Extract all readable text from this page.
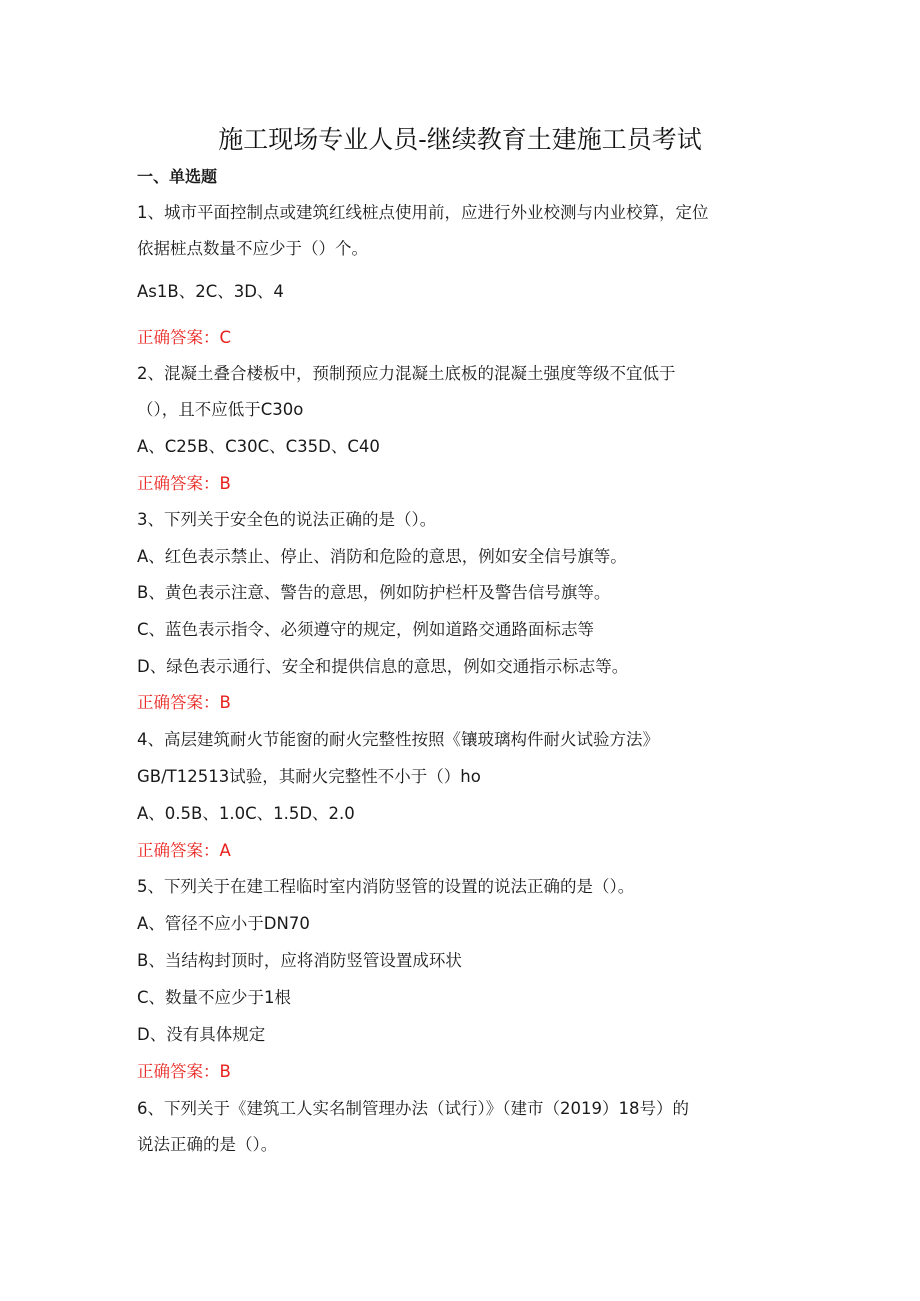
施工现场专业人员-继续教育土建施工员考试
一、单选题
1、城市平面控制点或建筑红线桩点使用前，应进行外业校测与内业校算，定位
依据桩点数量不应少于（）个。
As1B、2C、3D、4
正确答案：C
2、混凝土叠合楼板中，预制预应力混凝土底板的混凝土强度等级不宜低于
（），且不应低于C30o
A、C25B、C30C、C35D、C40
正确答案：B
3、下列关于安全色的说法正确的是（）。
A、红色表示禁止、停止、消防和危险的意思，例如安全信号旗等。
B、黄色表示注意、警告的意思，例如防护栏杆及警告信号旗等。
C、蓝色表示指令、必须遵守的规定，例如道路交通路面标志等
D、绿色表示通行、安全和提供信息的意思，例如交通指示标志等。
正确答案：B
4、高层建筑耐火节能窗的耐火完整性按照《镶玻璃构件耐火试验方法》
GB/T12513试验，其耐火完整性不小于（）ho
A、0.5B、1.0C、1.5D、2.0
正确答案：A
5、下列关于在建工程临时室内消防竖管的设置的说法正确的是（）。
A、管径不应小于DN70
B、当结构封顶时，应将消防竖管设置成环状
C、数量不应少于1根
D、没有具体规定
正确答案：B
6、下列关于《建筑工人实名制管理办法（试行）》（建市（2019）18号）的
说法正确的是（）。
